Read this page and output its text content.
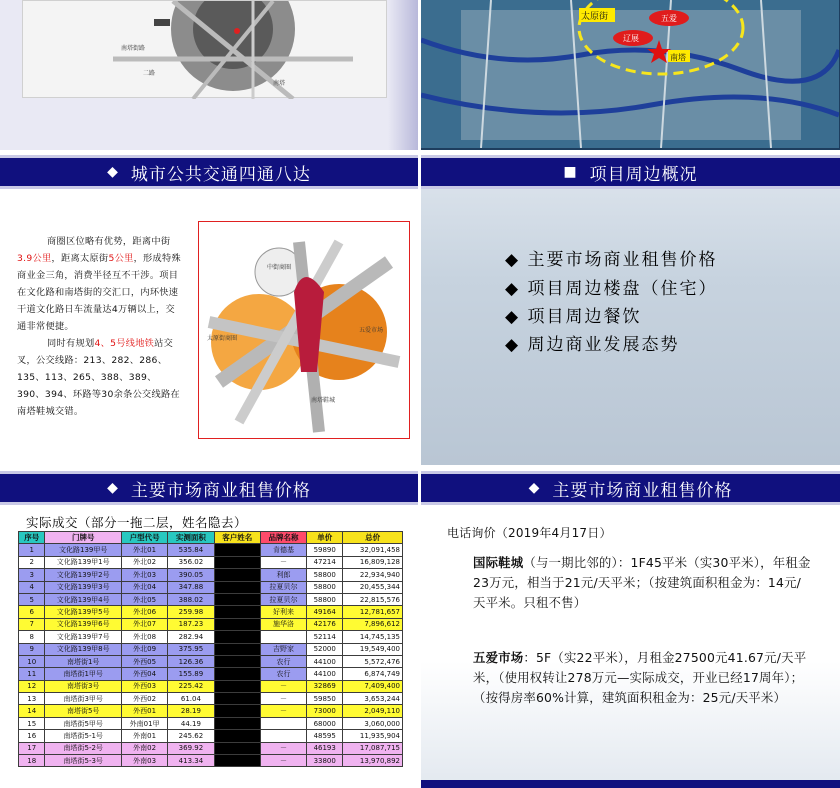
南塔街路
二路
南塔
太原街	五爱
辽展
南塔
◆ 城市公共交通四通八达
商圈区位略有优势，距离中街3.9公里，距离太原街5公里，形成特殊商业金三角，消费半径互不干涉。项目在文化路和南塔街的交汇口，内环快速干道文化路日车流量达4万辆以上，交通非常便捷。
同时有规划4、5号线地铁站交叉，公交线路：213、282、286、135、113、265、388、389、390、394、环路等30余条公交线路在南塔鞋城交错。
中街商圈
太原街商圈
南塔鞋城
五爱市场
■ 项目周边概况
◆ 主要市场商业租售价格
◆ 项目周边楼盘（住宅）
◆ 项目周边餐饮
◆ 周边商业发展态势
◆ 主要市场商业租售价格
实际成交（部分一拖二层，姓名隐去）
序号	门牌号	户型代号	实测面积	客户姓名	品牌名称	单价	总价
1	文化路139甲号	外北01	535.84		肯德基	59890	32,091,458
2	文化路139甲1号	外北02	356.02		－	47214	16,809,128
3	文化路139甲2号	外北03	390.05		利郎	58800	22,934,940
4	文化路139甲3号	外北04	347.88		拉夏贝尔	58800	20,455,344
5	文化路139甲4号	外北05	388.02		拉夏贝尔	58800	22,815,576
6	文化路139甲5号	外北06	259.98		好利来	49164	12,781,657
7	文化路139甲6号	外北07	187.23		施华洛	42176	7,896,612
8	文化路139甲7号	外北08	282.94			52114	14,745,135
9	文化路139甲8号	外北09	375.95		吉野家	52000	19,549,400
10	南塔街1号	外西05	126.36		农行	44100	5,572,476
11	南塔街1甲号	外西04	155.89		农行	44100	6,874,749
12	南塔街3号	外西03	225.42		－	32869	7,409,400
13	南塔街3甲号	外西02	61.04		－	59850	3,653,244
14	南塔街5号	外西01	28.19		－	73000	2,049,110
15	南塔街5甲号	外南01甲	44.19			68000	3,060,000
16	南塔街5-1号	外南01	245.62			48595	11,935,904
17	南塔街5-2号	外南02	369.92		－	46193	17,087,715
18	南塔街5-3号	外南03	413.34		－	33800	13,970,892
◆ 主要市场商业租售价格
电话询价（2019年4月17日）
国际鞋城（与一期比邻的）：1F45平米（实30平米），年租金23万元，相当于21元/天平米；（按建筑面积租金为：14元/天平米。只租不售）
五爱市场：5F（实22平米），月租金27500元41.67元/天平米，（使用权转让278万元—实际成交，开业已经17周年）；（按得房率60%计算，建筑面积租金为：25元/天平米）
